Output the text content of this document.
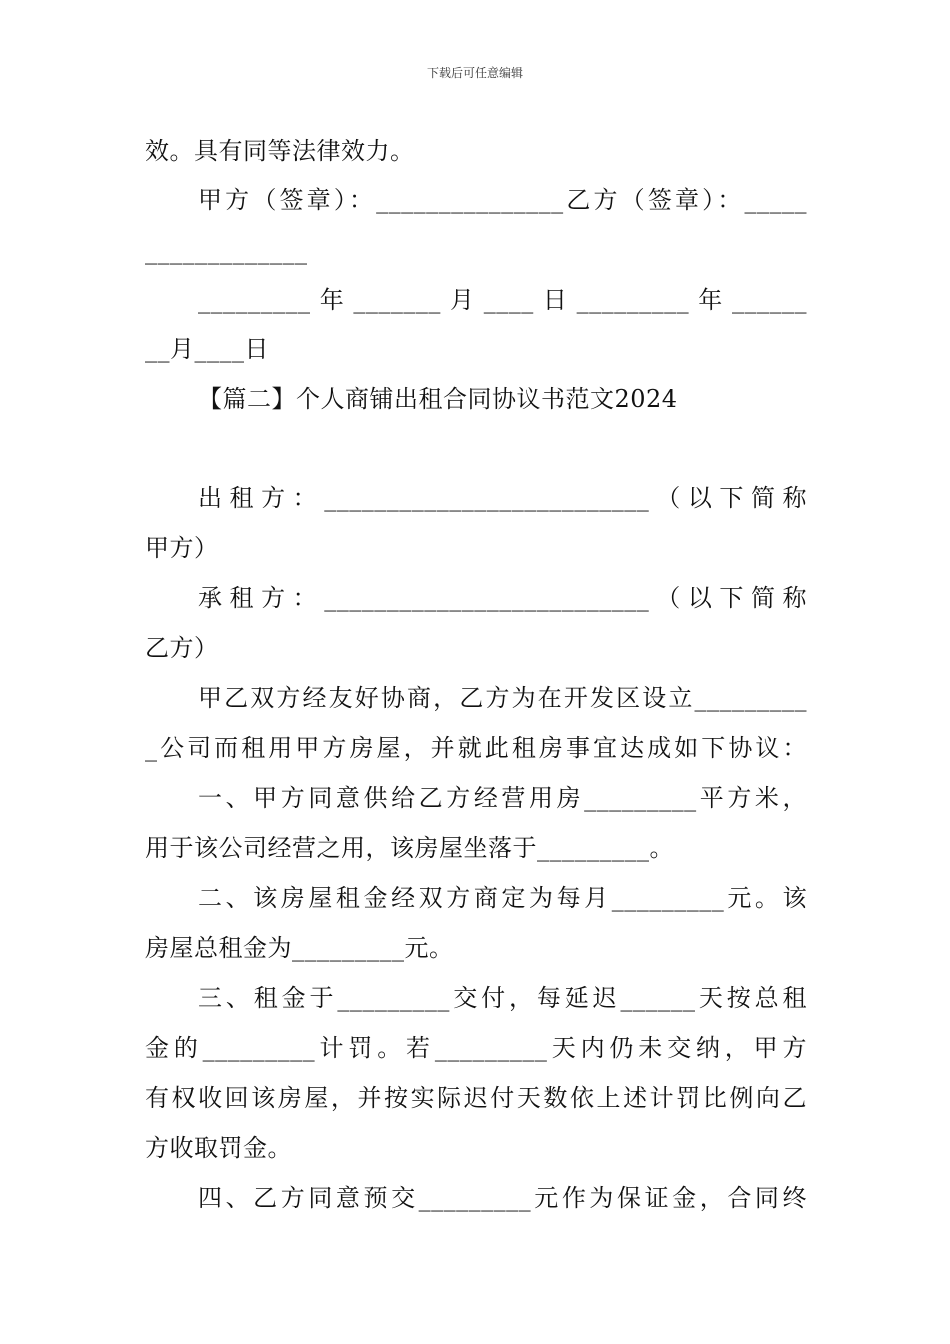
下载后可任意编辑
效。具有同等法律效力。
甲方（签章）：_______________乙方（签章）：_____
_____________
_________年_______月____日_________年______
__月____日
【篇二】个人商铺出租合同协议书范文2024
出租方：__________________________（以下简称
甲方）
承租方：__________________________（以下简称
乙方）
甲乙双方经友好协商，乙方为在开发区设立_________
_公司而租用甲方房屋，并就此租房事宜达成如下协议：
一、甲方同意供给乙方经营用房_________平方米，
用于该公司经营之用，该房屋坐落于_________。
二、该房屋租金经双方商定为每月_________元。该
房屋总租金为_________元。
三、租金于_________交付，每延迟______天按总租
金的_________计罚。若_________天内仍未交纳，甲方
有权收回该房屋，并按实际迟付天数依上述计罚比例向乙
方收取罚金。
四、乙方同意预交_________元作为保证金，合同终
